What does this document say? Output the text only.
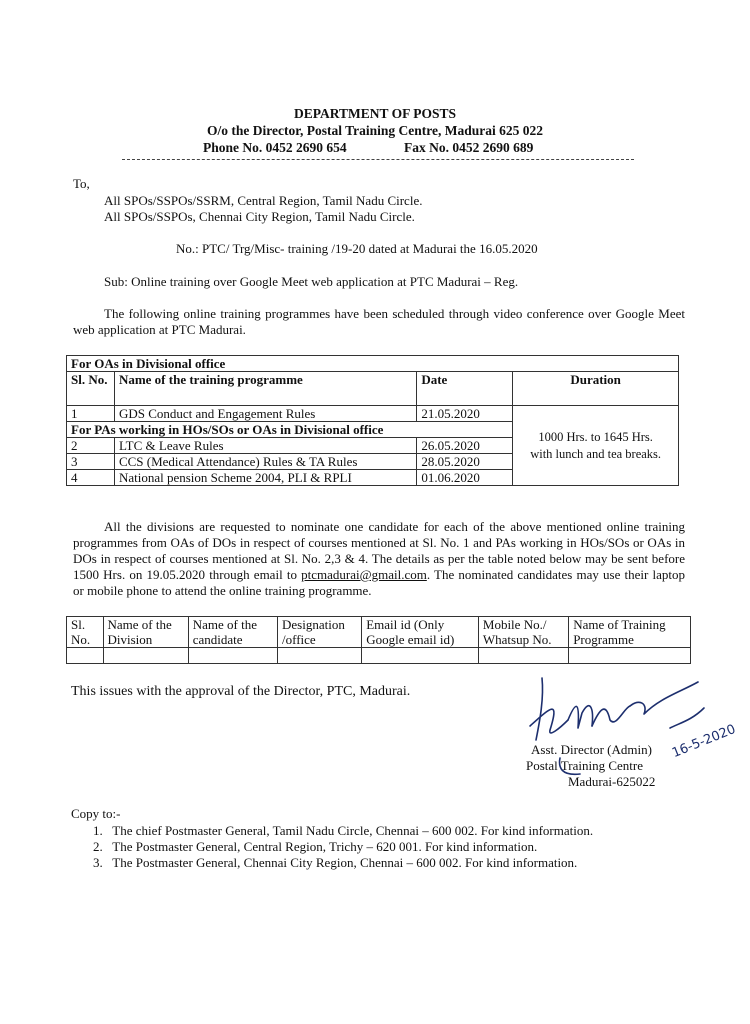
DEPARTMENT OF POSTS
O/o the Director, Postal Training Centre, Madurai 625 022
Phone No. 0452 2690 654	Fax No. 0452 2690 689
To,
All SPOs/SSPOs/SSRM, Central Region, Tamil Nadu Circle.
All SPOs/SSPOs, Chennai City Region, Tamil Nadu Circle.
No.: PTC/ Trg/Misc- training /19-20 dated at Madurai the 16.05.2020
Sub: Online training over Google Meet web application at PTC Madurai – Reg.
The following online training programmes have been scheduled through video conference over Google Meet web application at PTC Madurai.
For OAs in Divisional office			
Sl. No.	Name of the training programme	Date	Duration
1	GDS Conduct and Engagement Rules	21.05.2020	1000 Hrs. to 1645 Hrs. with lunch and tea breaks.
For PAs working in HOs/SOs or OAs in Divisional office			
2	LTC & Leave Rules	26.05.2020	
3	CCS (Medical Attendance) Rules & TA Rules	28.05.2020	
4	National pension Scheme 2004, PLI & RPLI	01.06.2020	
All the divisions are requested to nominate one candidate for each of the above mentioned online training programmes from OAs of DOs in respect of courses mentioned at Sl. No. 1 and PAs working in HOs/SOs or OAs in DOs in respect of courses mentioned at Sl. No. 2,3 & 4. The details as per the table noted below may be sent before 1500 Hrs. on 19.05.2020 through email to ptcmadurai@gmail.com. The nominated candidates may use their laptop or mobile phone to attend the online training programme.
Sl. No.	Name of the Division	Name of the candidate	Designation /office	Email id (Only Google email id)	Mobile No./ Whatsup No.	Name of Training Programme

This issues with the approval of the Director, PTC, Madurai.
16-5-2020
Asst. Director (Admin)
Postal Training Centre
Madurai-625022
Copy to:-
1.   The chief Postmaster General, Tamil Nadu Circle, Chennai – 600 002. For kind information.
2.   The Postmaster General, Central Region, Trichy – 620 001. For kind information.
3.   The Postmaster General, Chennai City Region, Chennai – 600 002. For kind information.
